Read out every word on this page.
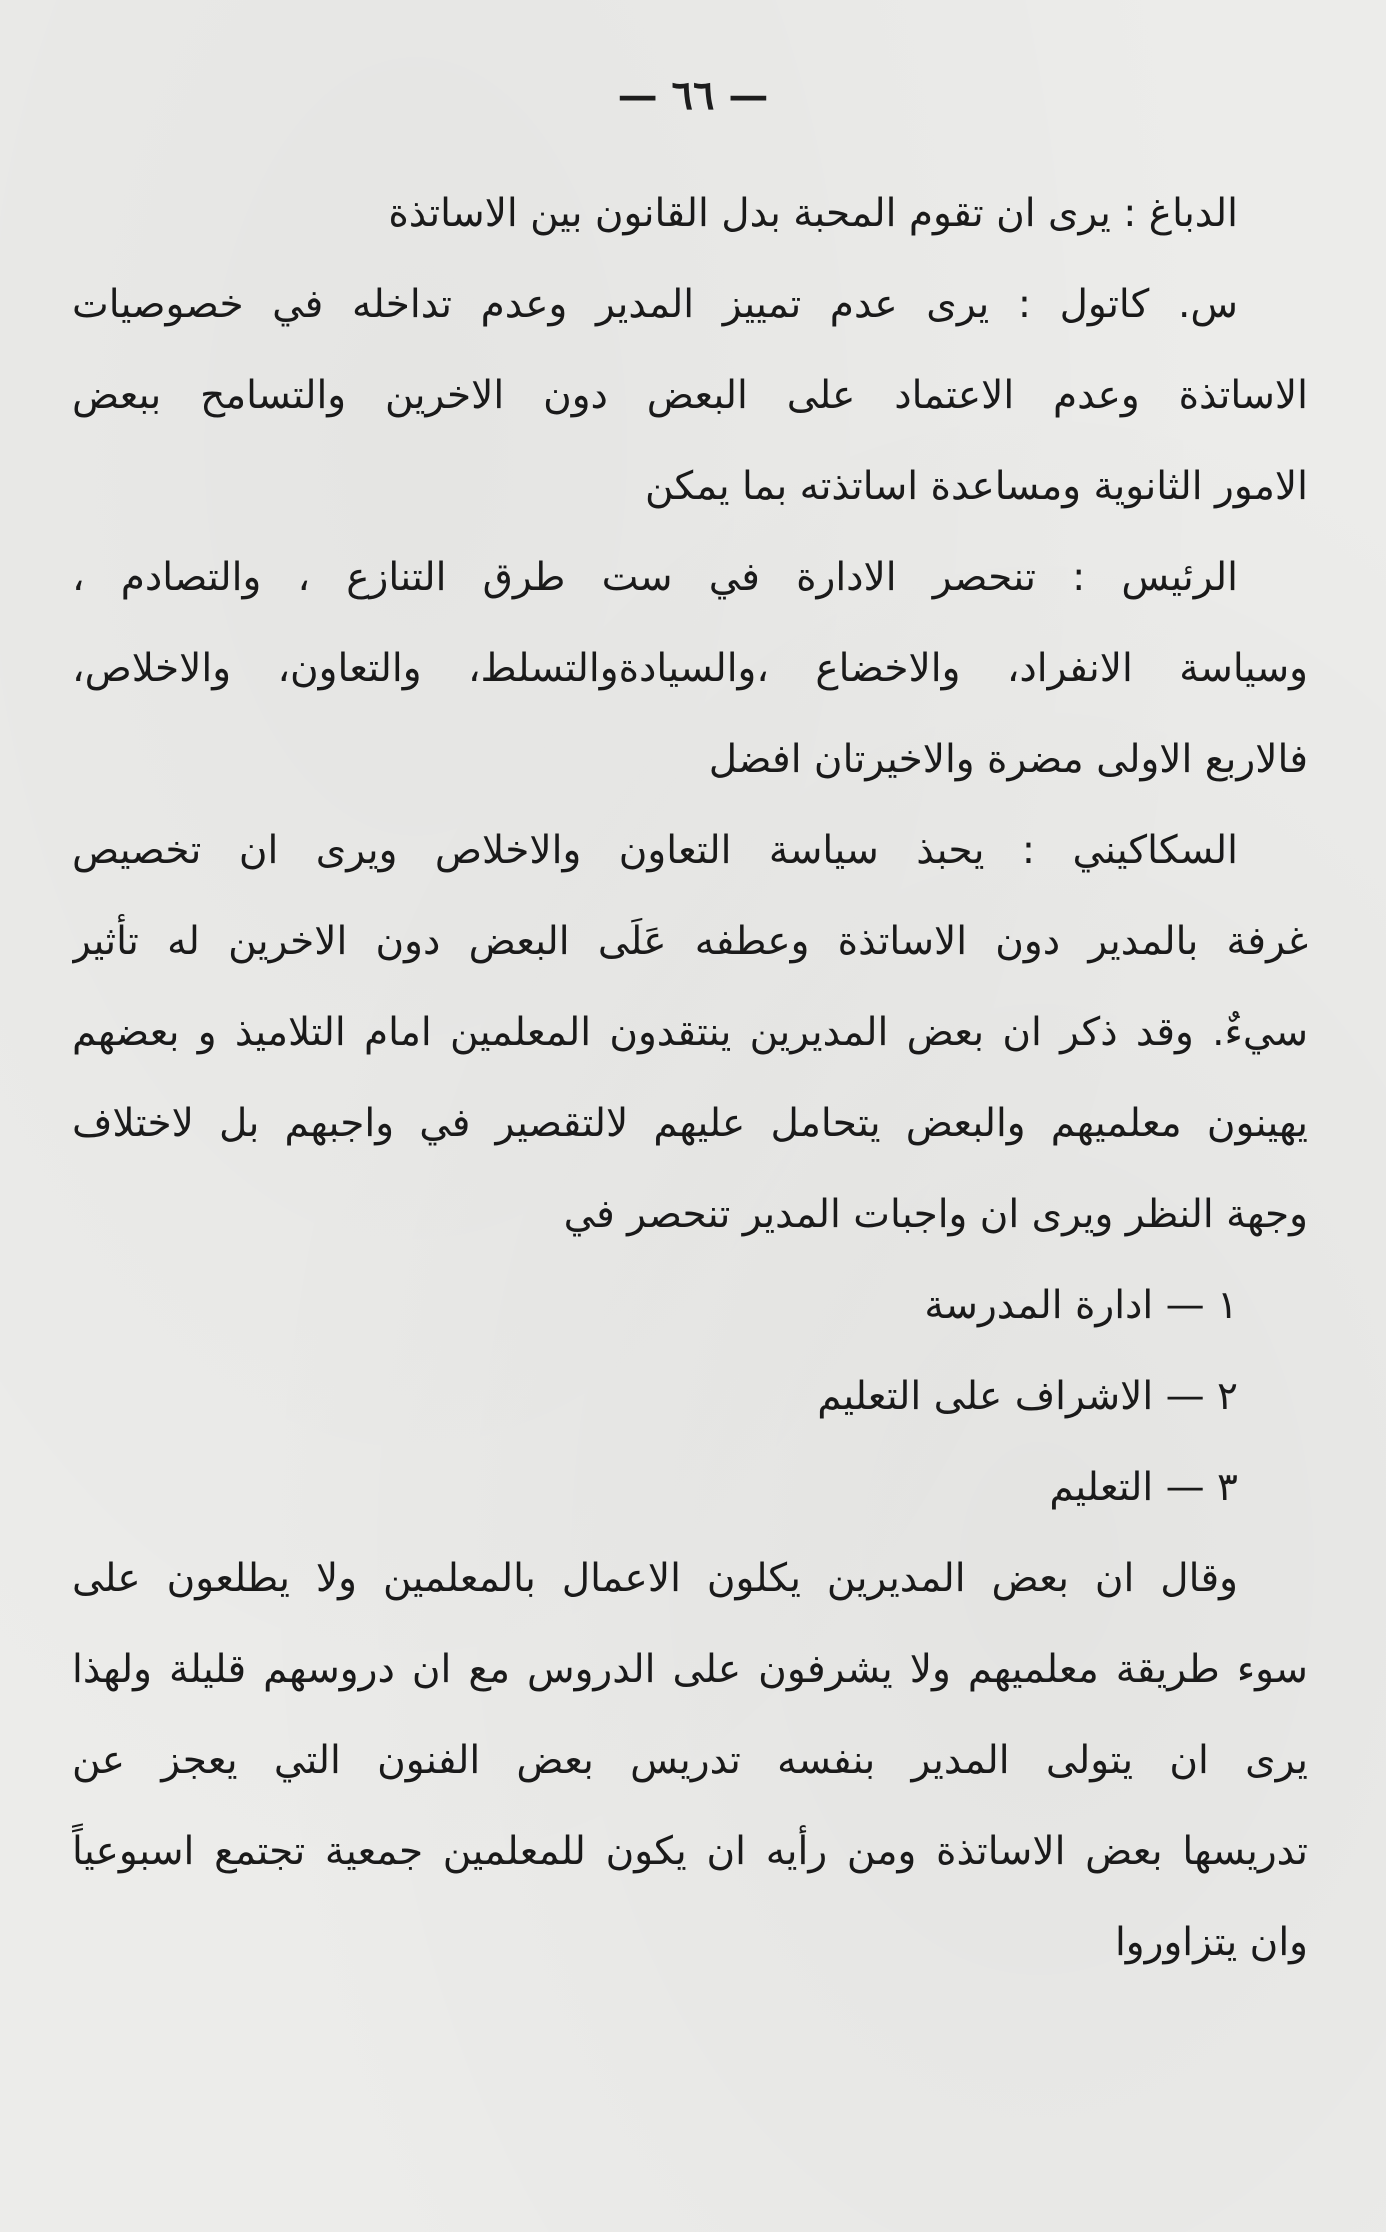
— ٦٦ —
الدباغ : يرى ان تقوم المحبة بدل القانون بين الاساتذة
س. كاتول : يرى عدم تمييز المدير وعدم تداخله في خصوصيات
الاساتذة وعدم الاعتماد على البعض دون الاخرين والتسامح ببعض
الامور الثانوية ومساعدة اساتذته بما يمكن
الرئيس : تنحصر الادارة في ست طرق التنازع ، والتصادم ،
وسياسة الانفراد، والاخضاع ،والسيادةوالتسلط، والتعاون، والاخلاص،
فالاربع الاولى مضرة والاخيرتان افضل
السكاكيني : يحبذ سياسة التعاون والاخلاص ويرى ان تخصيص
غرفة بالمدير دون الاساتذة وعطفه عَلَى البعض دون الاخرين له تأثير
سيءٌ. وقد ذكر ان بعض المديرين ينتقدون المعلمين امام التلاميذ و بعضهم
يهينون معلميهم والبعض يتحامل عليهم لالتقصير في واجبهم بل لاختلاف
وجهة النظر ويرى ان واجبات المدير تنحصر في
١ — ادارة المدرسة
٢ — الاشراف على التعليم
٣ — التعليم
وقال ان بعض المديرين يكلون الاعمال بالمعلمين ولا يطلعون على
سوء طريقة معلميهم ولا يشرفون على الدروس مع ان دروسهم قليلة ولهذا
يرى ان يتولى المدير بنفسه تدريس بعض الفنون التي يعجز عن
تدريسها بعض الاساتذة ومن رأيه ان يكون للمعلمين جمعية تجتمع اسبوعياً
وان يتزاوروا
